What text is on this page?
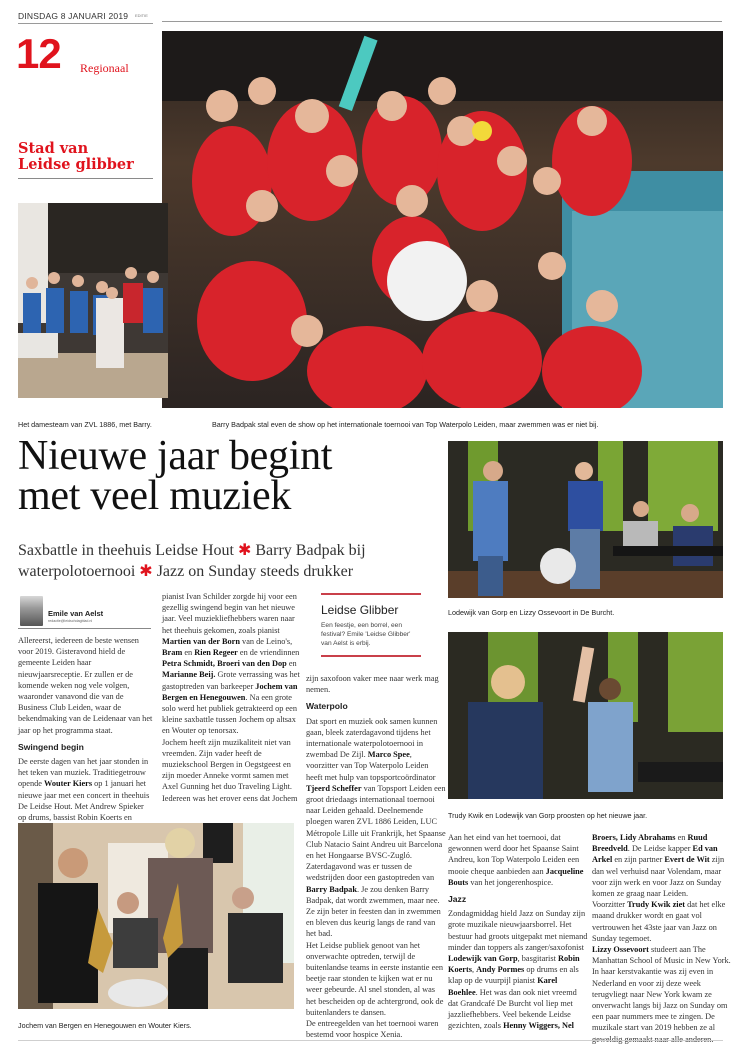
DINSDAG 8 JANUARI 2019 EDITIE
12 Regionaal
Stad van
Leidse glibber
Het damesteam van ZVL 1886, met Barry.	Barry Badpak stal even de show op het internationale toernooi van Top Waterpolo Leiden, maar zwemmen was er niet bij.
Nieuwe jaar begint
met veel muziek
Saxbattle in theehuis Leidse Hout ✱ Barry Badpak bij waterpolotoernooi ✱ Jazz on Sunday steeds drukker
Lodewijk van Gorp en Lizzy Ossevoort in De Burcht.
Trudy Kwik en Lodewijk van Gorp proosten op het nieuwe jaar.
Jochem van Bergen en Henegouwen en Wouter Kiers.
Emile van Aelst
redactie@leidschdagblad.nl

Allereerst, iedereen de beste wensen voor 2019. Gisteravond hield de gemeente Leiden haar nieuwjaarsreceptie. Er zullen er de komende weken nog vele volgen, waaronder vanavond die van de Business Club Leiden, waar de bekendmaking van de Leidenaar van het jaar op het programma staat.

Swingend begin

De eerste dagen van het jaar stonden in het teken van muziek. Traditiegetrouw opende Wouter Kiers op 1 januari het nieuwe jaar met een concert in theehuis De Leidse Hout. Met Andrew Spieker op drums, bassist Robin Koerts en

pianist Ivan Schilder zorgde hij voor een gezellig swingend begin van het nieuwe jaar. Veel muziekliefhebbers waren naar het theehuis gekomen, zoals pianist Martien van der Born van de Leino's, Bram en Rien Regeer en de vriendinnen Petra Schmidt, Broeri van den Dop en Marianne Beij. Grote verrassing was het gastoptreden van barkeeper Jochem van Bergen en Henegouwen. Na een grote solo werd het publiek getrakteerd op een kleine saxbattle tussen Jochem op altsax en Wouter op tenorsax.

Jochem heeft zijn muzikaliteit niet van vreemden. Zijn vader heeft de muziekschool Bergen in Oegstgeest en zijn moeder Anneke vormt samen met Axel Gunning het duo Traveling Light. Iedereen was het erover eens dat Jochem

Leidse Glibber
Een feestje, een borrel, een festival? Emile 'Leidse Glibber' van Aelst is erbij.

zijn saxofoon vaker mee naar werk mag nemen.

Waterpolo

Dat sport en muziek ook samen kunnen gaan, bleek zaterdagavond tijdens het internationale waterpolotoernooi in zwembad De Zijl. Marco Spee, voorzitter van Top Waterpolo Leiden heeft met hulp van topsportcoördinator Tjeerd Scheffer van Topsport Leiden een groot driedaags internationaal toernooi naar Leiden gehaald. Deelnemende ploegen waren ZVL 1886 Leiden, LUC Métropole Lille uit Frankrijk, het Spaanse Club Natacio Saint Andreu uit Barcelona en het Hongaarse BVSC-Zugló. Zaterdagavond was er tussen de wedstrijden door een gastoptreden van Barry Badpak. Je zou denken Barry Badpak, dat wordt zwemmen, maar nee. Ze zijn beter in feesten dan in zwemmen en bleven dus keurig langs de rand van het bad.

Het Leidse publiek genoot van het onverwachte optreden, terwijl de buitenlandse teams in eerste instantie een beetje raar stonden te kijken wat er nu weer gebeurde. Al snel stonden, al was het bescheiden op de achtergrond, ook de buitenlanders te dansen.

De entreegelden van het toernooi waren bestemd voor hospice Xenia.

Aan het eind van het toernooi, dat gewonnen werd door het Spaanse Saint Andreu, kon Top Waterpolo Leiden een mooie cheque aanbieden aan Jacqueline Bouts van het jongerenhospice.

Jazz

Zondagmiddag hield Jazz on Sunday zijn grote muzikale nieuwjaarsborrel. Het bestuur had groots uitgepakt met niemand minder dan toppers als zanger/saxofonist Lodewijk van Gorp, basgitarist Robin Koerts, Andy Pormes op drums en als klap op de vuurpijl pianist Karel Boehlee. Het was dan ook niet vreemd dat Grandcafé De Burcht vol liep met jazzliefhebbers. Veel bekende Leidse gezichten, zoals Henny Wiggers, Nel

Broers, Lidy Abrahams en Ruud Breedveld. De Leidse kapper Ed van Arkel en zijn partner Evert de Wit zijn dan wel verhuisd naar Volendam, maar voor zijn werk en voor Jazz on Sunday komen ze graag naar Leiden.

Voorzitter Trudy Kwik ziet dat het elke maand drukker wordt en gaat vol vertrouwen het 43ste jaar van Jazz on Sunday tegemoet.

Lizzy Ossevoort studeert aan The Manhattan School of Music in New York. In haar kerstvakantie was zij even in Nederland en voor zij deze week terugvliegt naar New York kwam ze onverwacht langs bij Jazz on Sunday om een paar nummers mee te zingen. De muzikale start van 2019 hebben ze al
